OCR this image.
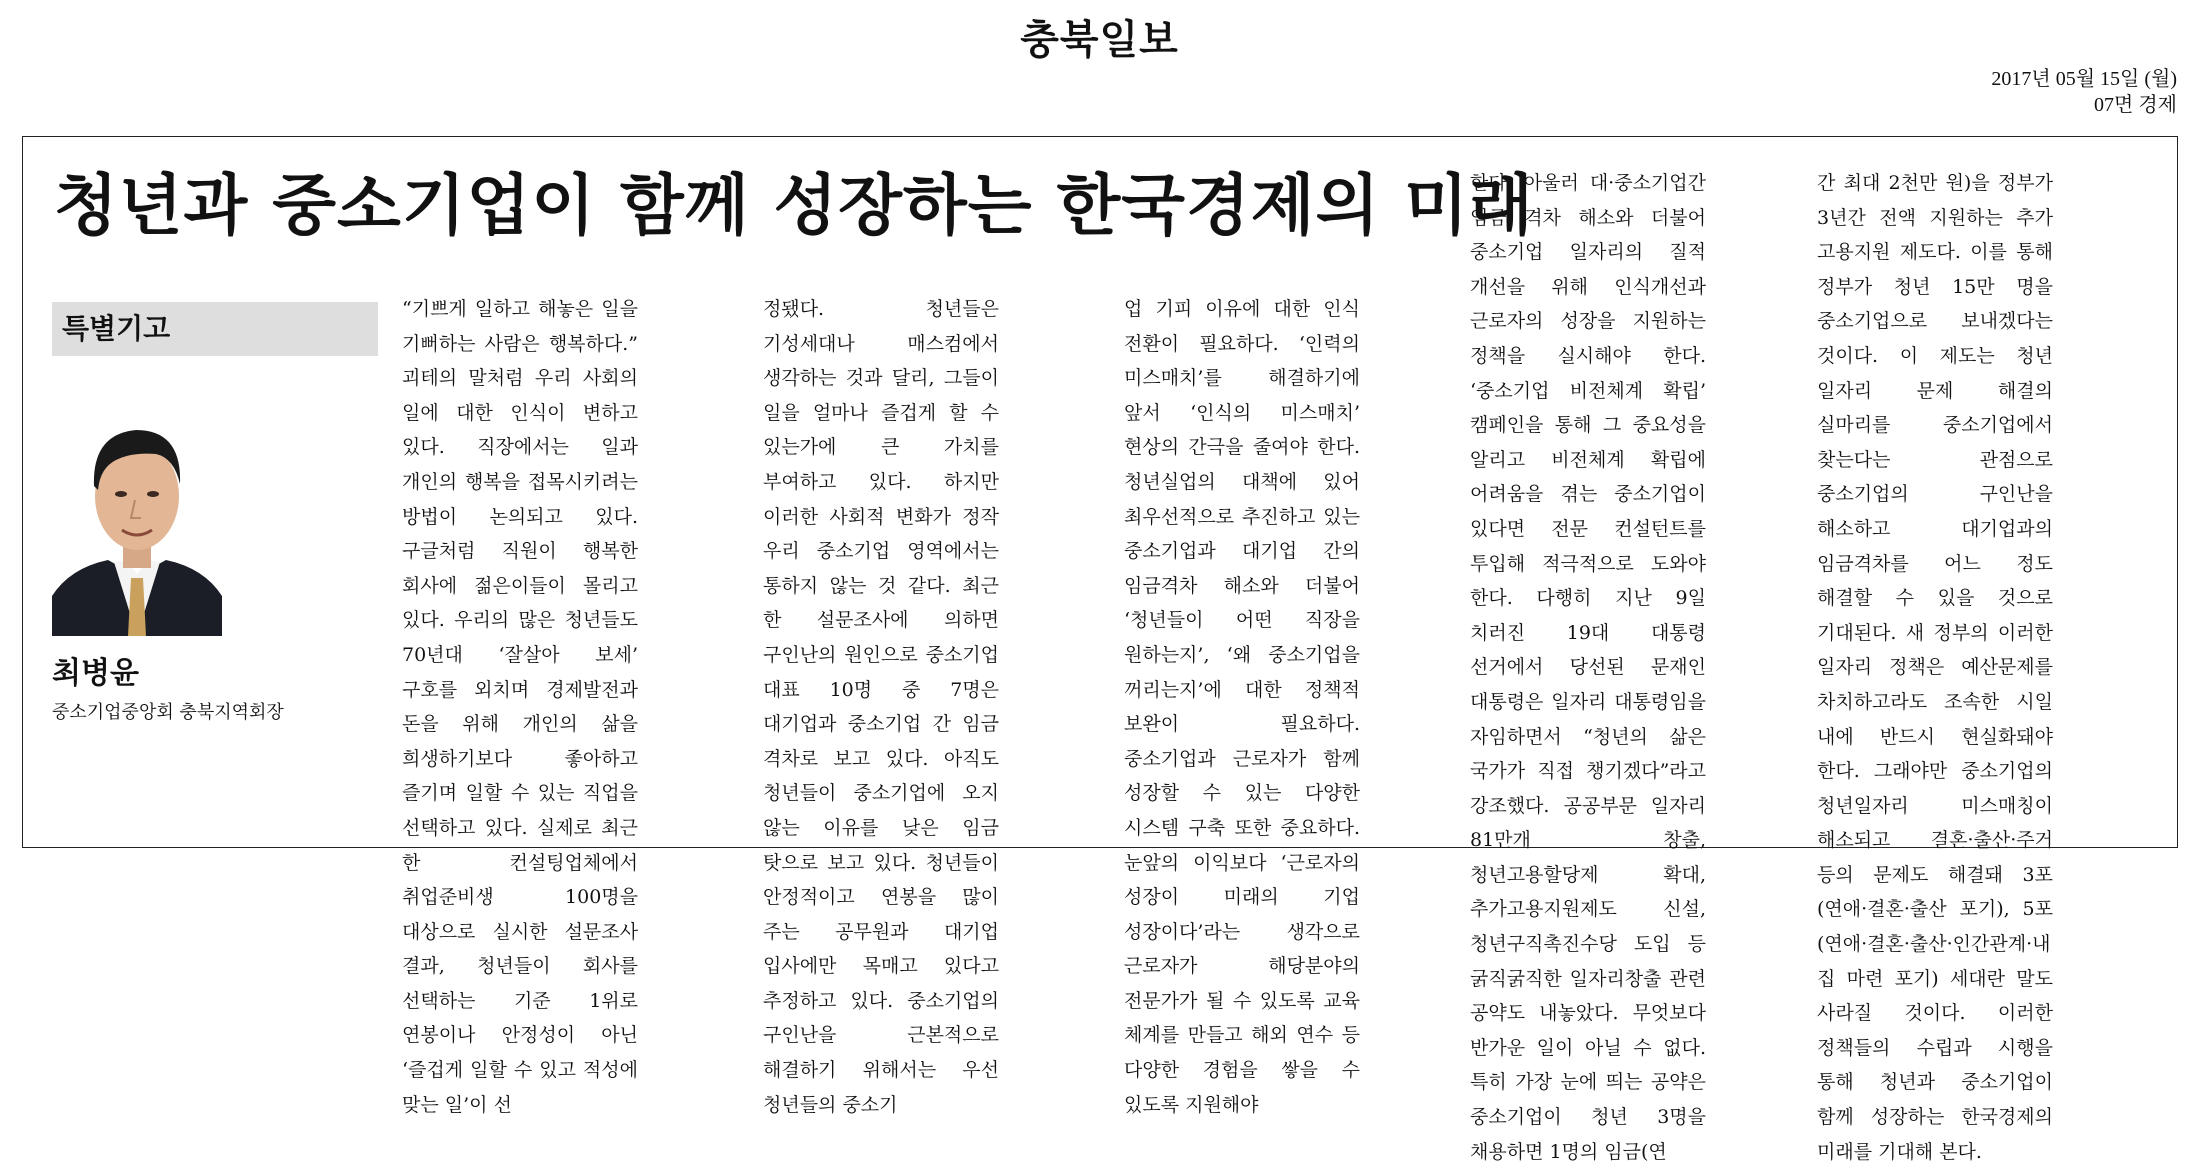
충북일보
2017년 05월 15일 (월)
07면 경제
청년과 중소기업이 함께 성장하는 한국경제의 미래
특별기고
최병윤
중소기업중앙회 충북지역회장

“기쁘게 일하고 해놓은 일을 기뻐하는 사람은 행복하다.” 괴테의 말처럼 우리 사회의 일에 대한 인식이 변하고 있다. 직장에서는 일과 개인의 행복을 접목시키려는 방법이 논의되고 있다. 구글처럼 직원이 행복한 회사에 젊은이들이 몰리고 있다. 우리의 많은 청년들도 70년대 ‘잘살아 보세’ 구호를 외치며 경제발전과 돈을 위해 개인의 삶을 희생하기보다 좋아하고 즐기며 일할 수 있는 직업을 선택하고 있다. 실제로 최근 한 컨설팅업체에서 취업준비생 100명을 대상으로 실시한 설문조사 결과, 청년들이 회사를 선택하는 기준 1위로 연봉이나 안정성이 아닌 ‘즐겁게 일할 수 있고 적성에 맞는 일’이 선

정됐다. 청년들은 기성세대나 매스컴에서 생각하는 것과 달리, 그들이 일을 얼마나 즐겁게 할 수 있는가에 큰 가치를 부여하고 있다. 하지만 이러한 사회적 변화가 정작 우리 중소기업 영역에서는 통하지 않는 것 같다. 최근 한 설문조사에 의하면 구인난의 원인으로 중소기업 대표 10명 중 7명은 대기업과 중소기업 간 임금 격차로 보고 있다. 아직도 청년들이 중소기업에 오지 않는 이유를 낮은 임금 탓으로 보고 있다. 청년들이 안정적이고 연봉을 많이 주는 공무원과 대기업 입사에만 목매고 있다고 추정하고 있다. 중소기업의 구인난을 근본적으로 해결하기 위해서는 우선 청년들의 중소기

업 기피 이유에 대한 인식 전환이 필요하다. ‘인력의 미스매치’를 해결하기에 앞서 ‘인식의 미스매치’ 현상의 간극을 줄여야 한다. 청년실업의 대책에 있어 최우선적으로 추진하고 있는 중소기업과 대기업 간의 임금격차 해소와 더불어 ‘청년들이 어떤 직장을 원하는지’, ‘왜 중소기업을 꺼리는지’에 대한 정책적 보완이 필요하다. 중소기업과 근로자가 함께 성장할 수 있는 다양한 시스템 구축 또한 중요하다. 눈앞의 이익보다 ‘근로자의 성장이 미래의 기업 성장이다’라는 생각으로 근로자가 해당분야의 전문가가 될 수 있도록 교육 체계를 만들고 해외 연수 등 다양한 경험을 쌓을 수 있도록 지원해야

한다. 아울러 대·중소기업간 임금 격차 해소와 더불어 중소기업 일자리의 질적 개선을 위해 인식개선과 근로자의 성장을 지원하는 정책을 실시해야 한다. ‘중소기업 비전체계 확립’ 캠페인을 통해 그 중요성을 알리고 비전체계 확립에 어려움을 겪는 중소기업이 있다면 전문 컨설턴트를 투입해 적극적으로 도와야 한다. 다행히 지난 9일 치러진 19대 대통령 선거에서 당선된 문재인 대통령은 일자리 대통령임을 자임하면서 “청년의 삶은 국가가 직접 챙기겠다”라고 강조했다. 공공부문 일자리 81만개 창출, 청년고용할당제 확대, 추가고용지원제도 신설, 청년구직촉진수당 도입 등 굵직굵직한 일자리창출 관련 공약도 내놓았다. 무엇보다 반가운 일이 아닐 수 없다. 특히 가장 눈에 띄는 공약은 중소기업이 청년 3명을 채용하면 1명의 임금(연

간 최대 2천만 원)을 정부가 3년간 전액 지원하는 추가 고용지원 제도다. 이를 통해 정부가 청년 15만 명을 중소기업으로 보내겠다는 것이다. 이 제도는 청년 일자리 문제 해결의 실마리를 중소기업에서 찾는다는 관점으로 중소기업의 구인난을 해소하고 대기업과의 임금격차를 어느 정도 해결할 수 있을 것으로 기대된다. 새 정부의 이러한 일자리 정책은 예산문제를 차치하고라도 조속한 시일 내에 반드시 현실화돼야 한다. 그래야만 중소기업의 청년일자리 미스매칭이 해소되고 결혼·출산·주거 등의 문제도 해결돼 3포(연애·결혼·출산 포기), 5포(연애·결혼·출산·인간관계·내 집 마련 포기) 세대란 말도 사라질 것이다. 이러한 정책들의 수립과 시행을 통해 청년과 중소기업이 함께 성장하는 한국경제의 미래를 기대해 본다.
